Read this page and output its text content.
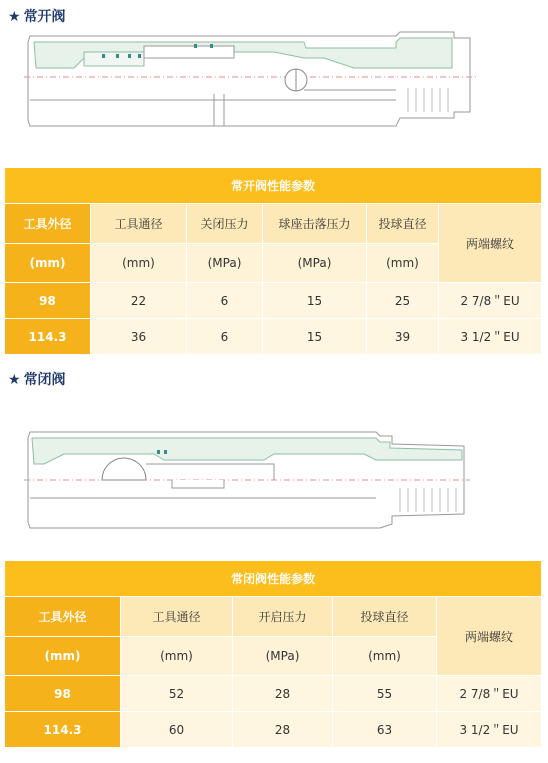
★ 常开阀
常开阀性能参数					
工具外径	工具通径	关闭压力	球座击落压力	投球直径	两端螺纹
(mm)	(mm)	(MPa)	(MPa)	(mm)	
98	22	6	15	25	2 7/8＂EU
114.3	36	6	15	39	3 1/2＂EU
★ 常闭阀
常闭阀性能参数				
工具外径	工具通径	开启压力	投球直径	两端螺纹
(mm)	(mm)	(MPa)	(mm)	
98	52	28	55	2 7/8＂EU
114.3	60	28	63	3 1/2＂EU
